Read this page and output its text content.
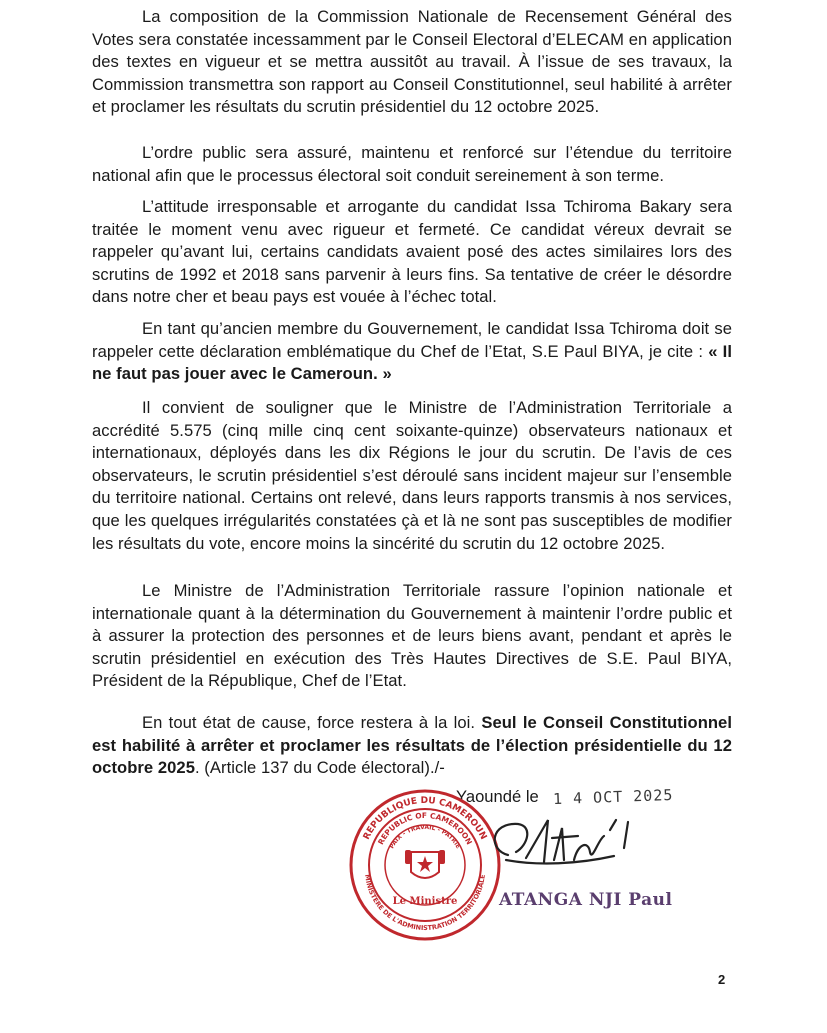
La composition de la Commission Nationale de Recensement Général des Votes sera constatée incessamment par le Conseil Electoral d’ELECAM en application des textes en vigueur et se mettra aussitôt au travail. À l’issue de ses travaux, la Commission transmettra son rapport au Conseil Constitutionnel, seul habilité à arrêter et proclamer les résultats du scrutin présidentiel du 12 octobre 2025.

L’ordre public sera assuré, maintenu et renforcé sur l’étendue du territoire national afin que le processus électoral soit conduit sereinement à son terme.

L’attitude irresponsable et arrogante du candidat Issa Tchiroma Bakary sera traitée le moment venu avec rigueur et fermeté. Ce candidat véreux devrait se rappeler qu’avant lui, certains candidats avaient posé des actes similaires lors des scrutins de 1992 et 2018 sans parvenir à leurs fins. Sa tentative de créer le désordre dans notre cher et beau pays est vouée à l’échec total.

En tant qu’ancien membre du Gouvernement, le candidat Issa Tchiroma doit se rappeler cette déclaration emblématique du Chef de l’Etat, S.E Paul BIYA, je cite : « Il ne faut pas jouer avec le Cameroun. »

Il convient de souligner que le Ministre de l’Administration Territoriale a accrédité 5.575 (cinq mille cinq cent soixante-quinze) observateurs nationaux et internationaux, déployés dans les dix Régions le jour du scrutin. De l’avis de ces observateurs, le scrutin présidentiel s’est déroulé sans incident majeur sur l’ensemble du territoire national. Certains ont relevé, dans leurs rapports transmis à nos services, que les quelques irrégularités constatées çà et là ne sont pas susceptibles de modifier les résultats du vote, encore moins la sincérité du scrutin du 12 octobre 2025.

Le Ministre de l’Administration Territoriale rassure l’opinion nationale et internationale quant à la détermination du Gouvernement à maintenir l’ordre public et à assurer la protection des personnes et de leurs biens avant, pendant et après le scrutin présidentiel en exécution des Très Hautes Directives de S.E. Paul BIYA, Président de la République, Chef de l’Etat.

En tout état de cause, force restera à la loi. Seul le Conseil Constitutionnel est habilité à arrêter et proclamer les résultats de l’élection présidentielle du 12 octobre 2025. (Article 137 du Code électoral)./-

Yaoundé le 1 4 OCT 2025
REPUBLIQUE DU CAMEROUN
MINISTERE DE L'ADMINISTRATION TERRITORIALE
REPUBLIC OF CAMEROON
PAIX - TRAVAIL - PATRIE
Le Ministre ATANGA NJI Paul
2
